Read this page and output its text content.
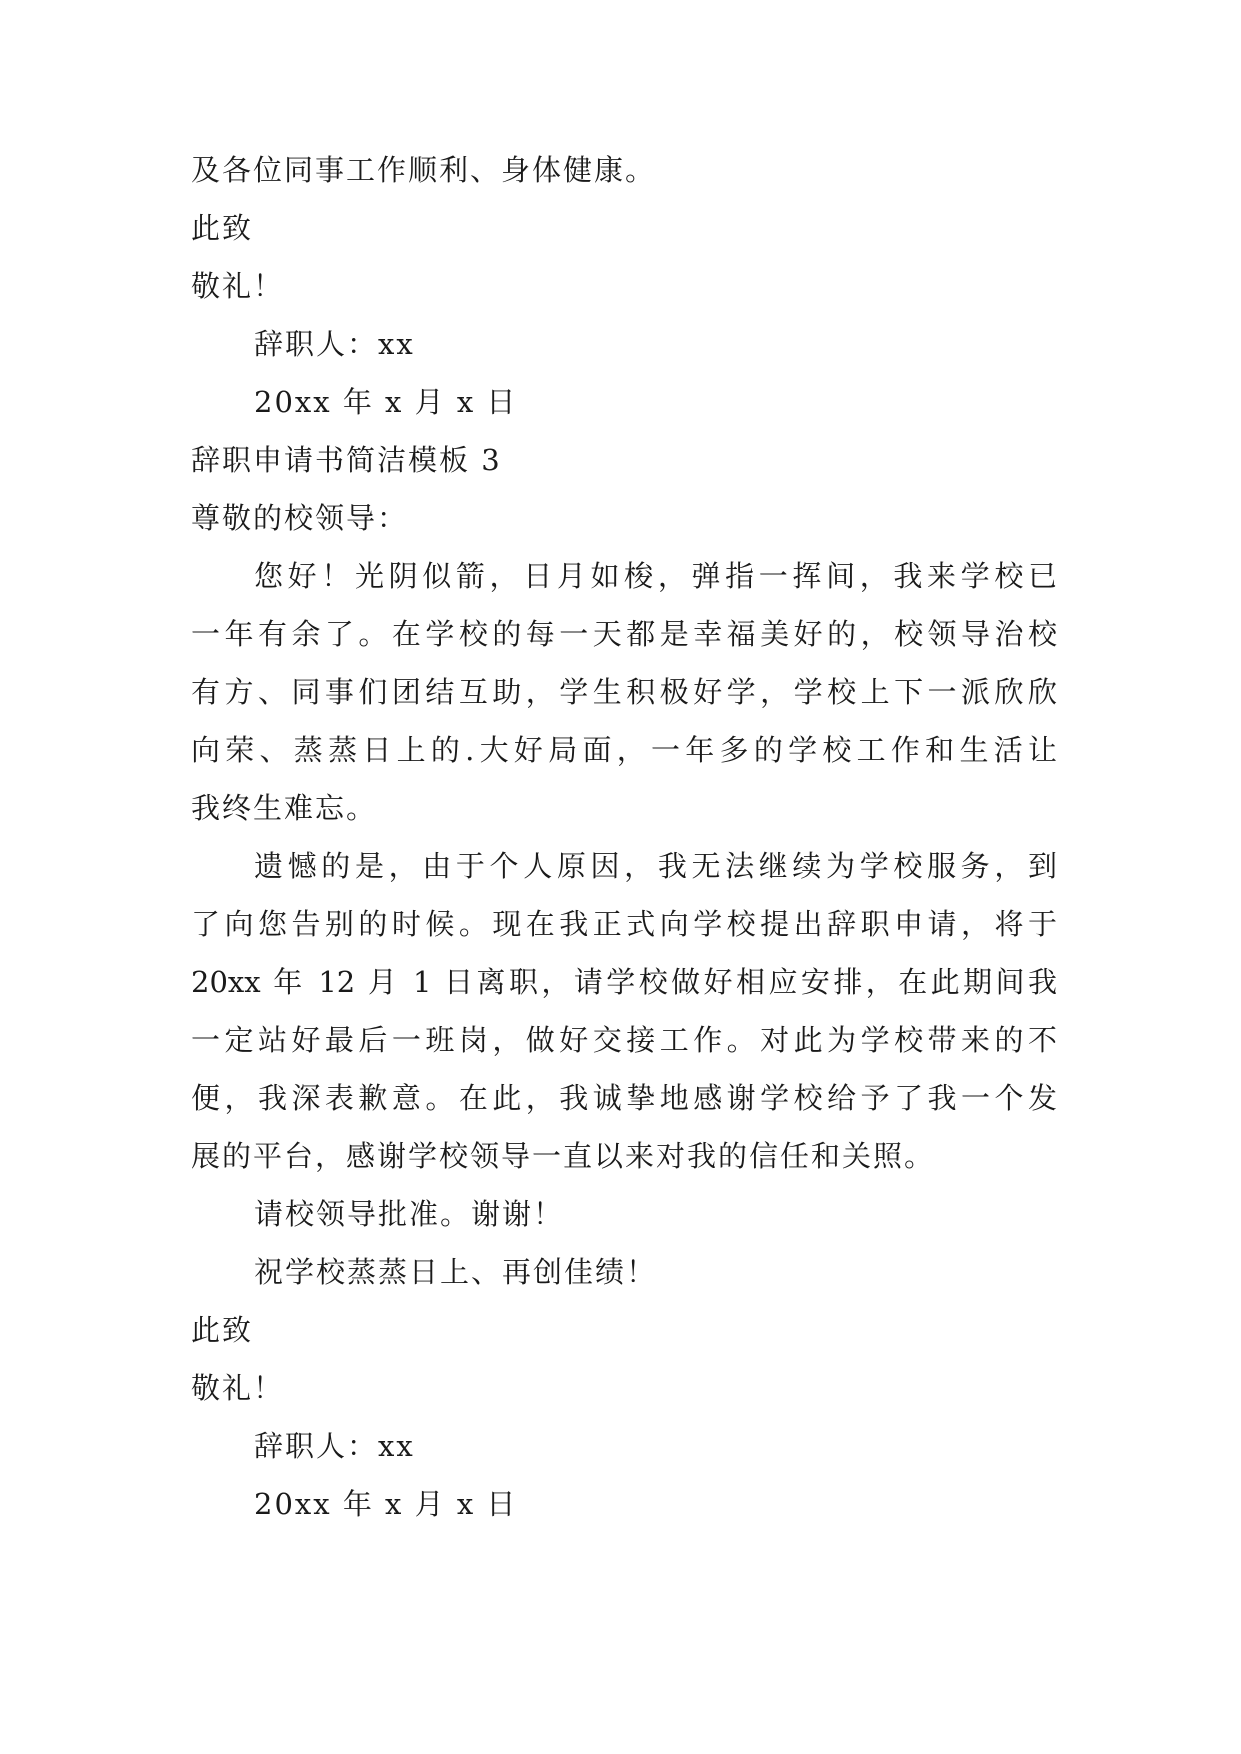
及各位同事工作顺利、身体健康。
此致
敬礼！
辞职人：xx
20xx 年 x 月 x 日
辞职申请书简洁模板 3
尊敬的校领导：
您好！光阴似箭，日月如梭，弹指一挥间，我来学校已
一年有余了。在学校的每一天都是幸福美好的，校领导治校
有方、同事们团结互助，学生积极好学，学校上下一派欣欣
向荣、蒸蒸日上的.大好局面，一年多的学校工作和生活让
我终生难忘。
遗憾的是，由于个人原因，我无法继续为学校服务，到
了向您告别的时候。现在我正式向学校提出辞职申请，将于
20xx 年 12 月 1 日离职，请学校做好相应安排，在此期间我
一定站好最后一班岗，做好交接工作。对此为学校带来的不
便，我深表歉意。在此，我诚挚地感谢学校给予了我一个发
展的平台，感谢学校领导一直以来对我的信任和关照。
请校领导批准。谢谢！
祝学校蒸蒸日上、再创佳绩！
此致
敬礼！
辞职人：xx
20xx 年 x 月 x 日
